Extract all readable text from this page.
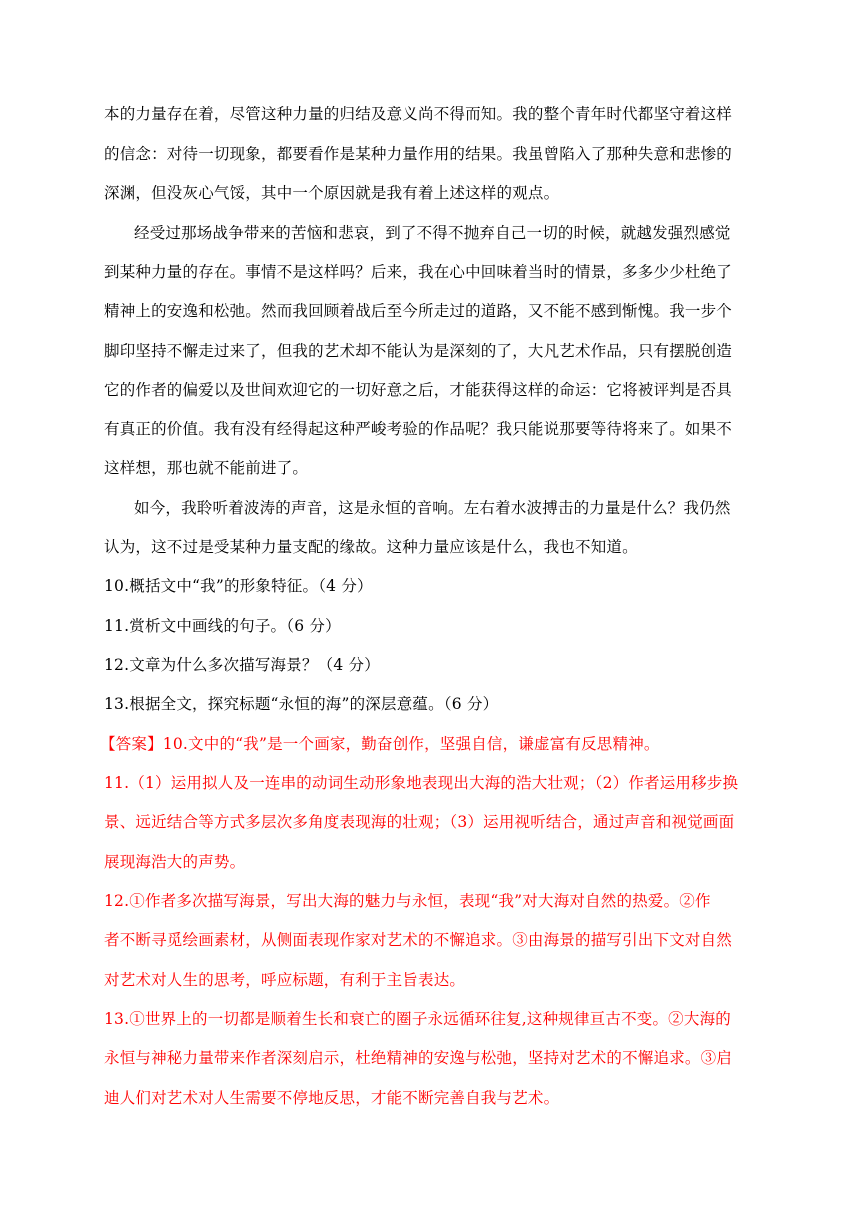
本的力量存在着，尽管这种力量的归结及意义尚不得而知。我的整个青年时代都坚守着这样
的信念：对待一切现象，都要看作是某种力量作用的结果。我虽曾陷入了那种失意和悲惨的
深渊，但没灰心气馁，其中一个原因就是我有着上述这样的观点。
经受过那场战争带来的苦恼和悲哀，到了不得不抛弃自己一切的时候，就越发强烈感觉
到某种力量的存在。事情不是这样吗？后来，我在心中回味着当时的情景，多多少少杜绝了
精神上的安逸和松弛。然而我回顾着战后至今所走过的道路，又不能不感到惭愧。我一步个
脚印坚持不懈走过来了，但我的艺术却不能认为是深刻的了，大凡艺术作品，只有摆脱创造
它的作者的偏爱以及世间欢迎它的一切好意之后，才能获得这样的命运：它将被评判是否具
有真正的价值。我有没有经得起这种严峻考验的作品呢？我只能说那要等待将来了。如果不
这样想，那也就不能前进了。
如今，我聆听着波涛的声音，这是永恒的音响。左右着水波搏击的力量是什么？我仍然
认为，这不过是受某种力量支配的缘故。这种力量应该是什么，我也不知道。
10.概括文中“我”的形象特征。（4 分）
11.赏析文中画线的句子。（6 分）
12.文章为什么多次描写海景？（4 分）
13.根据全文，探究标题“永恒的海”的深层意蕴。（6 分）
【答案】10.文中的“我”是一个画家，勤奋创作，坚强自信，谦虚富有反思精神。
11.（1）运用拟人及一连串的动词生动形象地表现出大海的浩大壮观；（2）作者运用移步换
景、远近结合等方式多层次多角度表现海的壮观；（3）运用视听结合，通过声音和视觉画面
展现海浩大的声势。
12.①作者多次描写海景，写出大海的魅力与永恒，表现“我”对大海对自然的热爱。②作
者不断寻觅绘画素材，从侧面表现作家对艺术的不懈追求。③由海景的描写引出下文对自然
对艺术对人生的思考，呼应标题，有利于主旨表达。
13.①世界上的一切都是顺着生长和衰亡的圈子永远循环往复,这种规律亘古不变。②大海的
永恒与神秘力量带来作者深刻启示，杜绝精神的安逸与松弛，坚持对艺术的不懈追求。③启
迪人们对艺术对人生需要不停地反思，才能不断完善自我与艺术。
